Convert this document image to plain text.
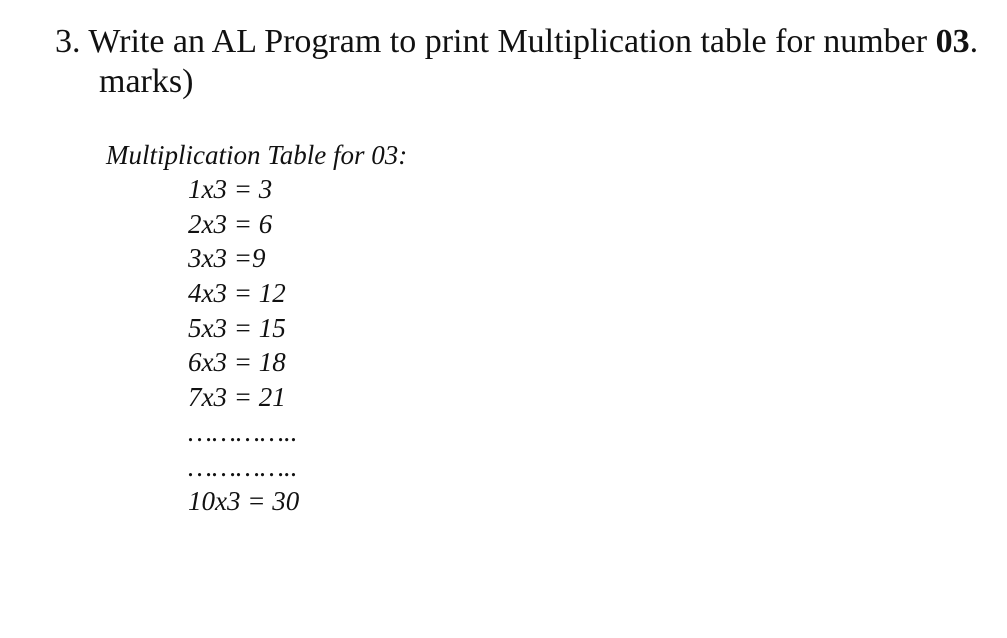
3. Write an AL Program to print Multiplication table for number 03.
marks)
Multiplication Table for 03:
1x3 = 3
2x3 = 6
3x3 =9
4x3 = 12
5x3 = 15
6x3 = 18
7x3 = 21
…………..
…………..
10x3 = 30
